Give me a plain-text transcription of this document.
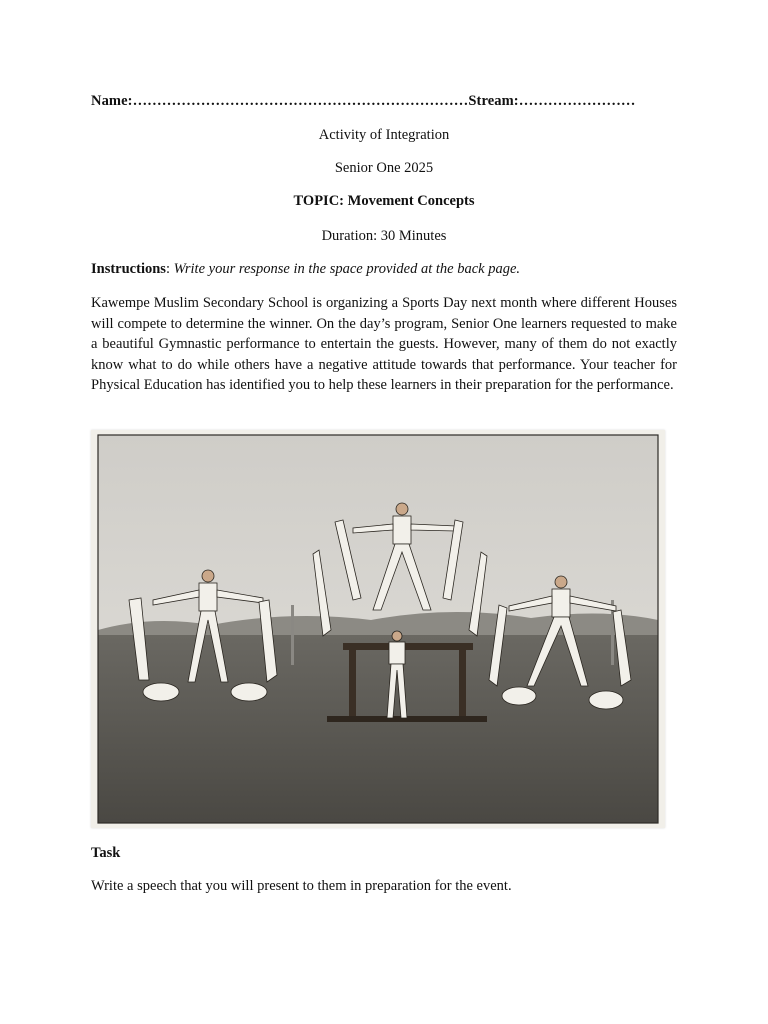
Name:……………………………………………………………Stream:……………………
Activity of Integration
Senior One 2025
TOPIC: Movement Concepts
Duration: 30 Minutes
Instructions: Write your response in the space provided at the back page.
Kawempe Muslim Secondary School is organizing a Sports Day next month where different Houses will compete to determine the winner. On the day’s program, Senior One learners requested to make a beautiful Gymnastic performance to entertain the guests. However, many of them do not exactly know what to do while others have a negative attitude towards that performance. Your teacher for Physical Education has identified you to help these learners in their preparation for the performance.
Task
Write a speech that you will present to them in preparation for the event.
